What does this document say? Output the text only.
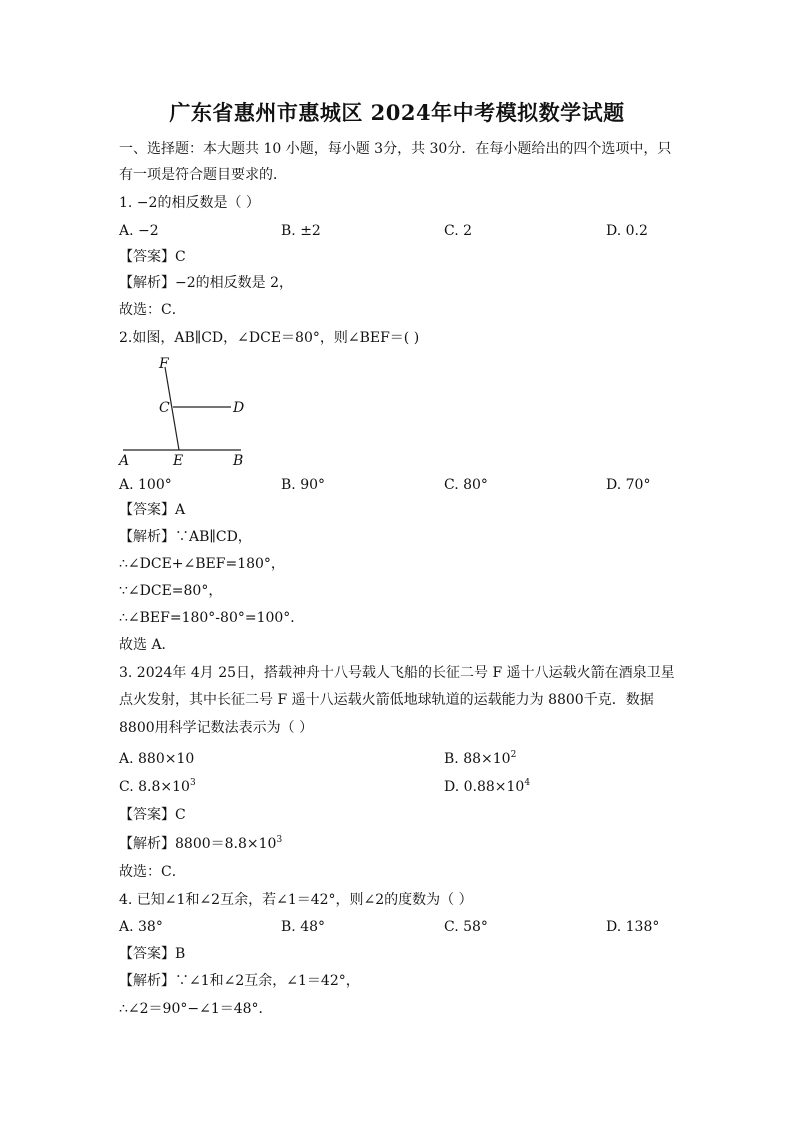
广东省惠州市惠城区 2024年中考模拟数学试题
一、选择题：本大题共 10 小题，每小题 3分，共 30分．在每小题给出的四个选项中，只
有一项是符合题目要求的．
1. −2的相反数是（ ）
A. −2	B. ±2	C. 2	D. 0.2
【答案】C
【解析】−2的相反数是 2，
故选：C．
2.如图，AB∥CD，∠DCE＝80°，则∠BEF＝( )
F
C	D
A	E	B
A. 100°	B. 90°	C. 80°	D. 70°
【答案】A
【解析】∵AB∥CD，
∴∠DCE+∠BEF=180°，
∵∠DCE=80°，
∴∠BEF=180°-80°=100°．
故选 A．
3. 2024年 4月 25日，搭载神舟十八号载人飞船的长征二号 F 遥十八运载火箭在酒泉卫星
点火发射，其中长征二号 F 遥十八运载火箭低地球轨道的运载能力为 8800千克．数据
8800用科学记数法表示为（ ）
A. 880×10	B. $88\times 10^2$
C. $8.8\times 10^3$	D. $0.88\times 10^4$
【答案】C
【解析】$8800=8.8\times 10^3$
故选：C．
4. 已知∠1和∠2互余，若∠1＝42°，则∠2的度数为（ ）
A. 38°	B. 48°	C. 58°	D. 138°
【答案】B
【解析】∵∠1和∠2互余，∠1＝42°，
∴∠2＝90°−∠1＝48°．
